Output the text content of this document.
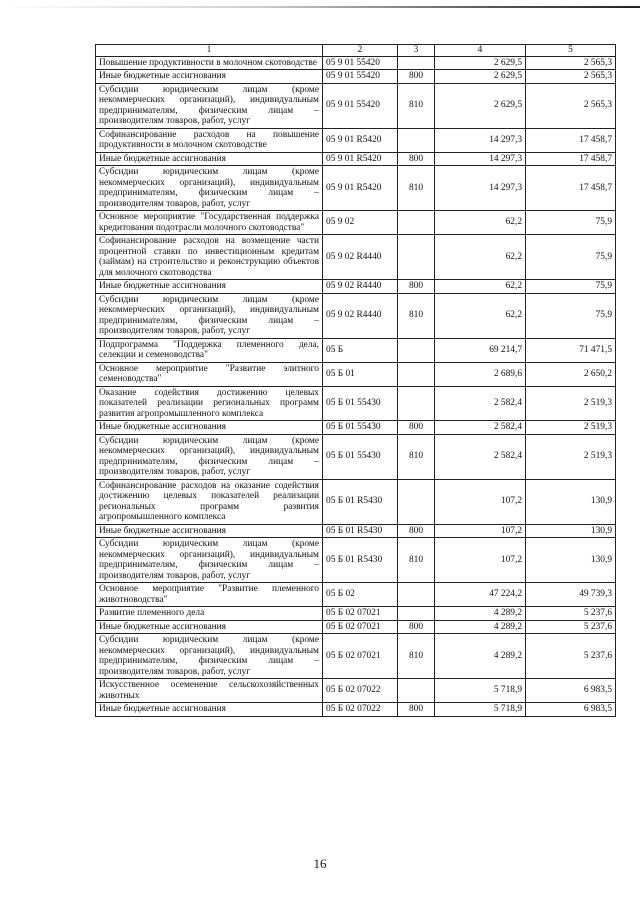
1	2	3	4	5
Повышение продуктивности в молочном скотоводстве	05 9 01 55420		2 629,5	2 565,3
Иные бюджетные ассигнования	05 9 01 55420	800	2 629,5	2 565,3
Субсидии юридическим лицам (кроме некоммерческих организаций), индивидуальным предпринимателям, физическим лицам – производителям товаров, работ, услуг	05 9 01 55420	810	2 629,5	2 565,3
Софинансирование расходов на повышение продуктивности в молочном скотоводстве	05 9 01 R5420		14 297,3	17 458,7
Иные бюджетные ассигнования	05 9 01 R5420	800	14 297,3	17 458,7
Субсидии юридическим лицам (кроме некоммерческих организаций), индивидуальным предпринимателям, физическим лицам – производителям товаров, работ, услуг	05 9 01 R5420	810	14 297,3	17 458,7
Основное мероприятие "Государственная поддержка кредитования подотрасли молочного скотоводства"	05 9 02		62,2	75,9
Софинансирование расходов на возмещение части процентной ставки по инвестиционным кредитам (займам) на строительство и реконструкцию объектов для молочного скотоводства	05 9 02 R4440		62,2	75,9
Иные бюджетные ассигнования	05 9 02 R4440	800	62,2	75,9
Субсидии юридическим лицам (кроме некоммерческих организаций), индивидуальным предпринимателям, физическим лицам – производителям товаров, работ, услуг	05 9 02 R4440	810	62,2	75,9
Подпрограмма "Поддержка племенного дела, селекции и семеноводства"	05 Б		69 214,7	71 471,5
Основное мероприятие "Развитие элитного семеноводства"	05 Б 01		2 689,6	2 650,2
Оказание содействия достижению целевых показателей реализации региональных программ развития агропромышленного комплекса	05 Б 01 55430		2 582,4	2 519,3
Иные бюджетные ассигнования	05 Б 01 55430	800	2 582,4	2 519,3
Субсидии юридическим лицам (кроме некоммерческих организаций), индивидуальным предпринимателям, физическим лицам – производителям товаров, работ, услуг	05 Б 01 55430	810	2 582,4	2 519,3
Софинансирование расходов на оказание содействия достижению целевых показателей реализации региональных программ развития агропромышленного комплекса	05 Б 01 R5430		107,2	130,9
Иные бюджетные ассигнования	05 Б 01 R5430	800	107,2	130,9
Субсидии юридическим лицам (кроме некоммерческих организаций), индивидуальным предпринимателям, физическим лицам – производителям товаров, работ, услуг	05 Б 01 R5430	810	107,2	130,9
Основное мероприятие "Развитие племенного животноводства"	05 Б 02		47 224,2	49 739,3
Развитие племенного дела	05 Б 02 07021		4 289,2	5 237,6
Иные бюджетные ассигнования	05 Б 02 07021	800	4 289,2	5 237,6
Субсидии юридическим лицам (кроме некоммерческих организаций), индивидуальным предпринимателям, физическим лицам – производителям товаров, работ, услуг	05 Б 02 07021	810	4 289,2	5 237,6
Искусственное осеменение сельскохозяйственных животных	05 Б 02 07022		5 718,9	6 983,5
Иные бюджетные ассигнования	05 Б 02 07022	800	5 718,9	6 983,5
16
